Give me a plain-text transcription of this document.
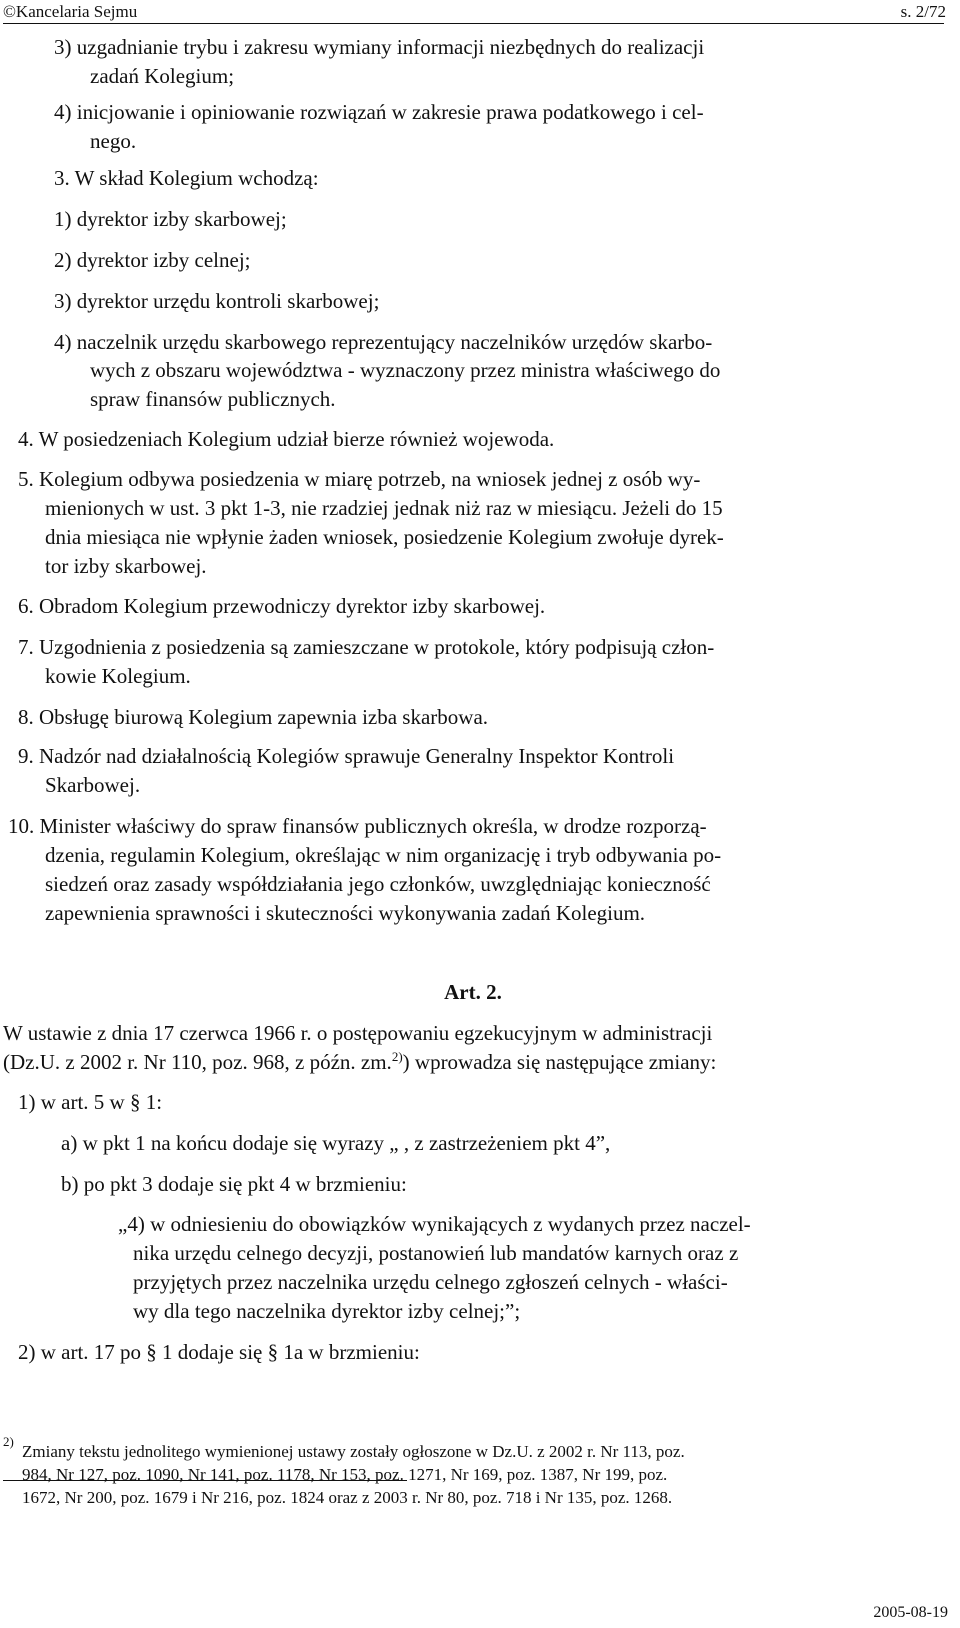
©Kancelaria Sejmu	s. 2/72
3) uzgadnianie trybu i zakresu wymiany informacji niezbędnych do realizacji
zadań Kolegium;
4) inicjowanie i opiniowanie rozwiązań w zakresie prawa podatkowego i cel-
nego.
3. W skład Kolegium wchodzą:
1) dyrektor izby skarbowej;
2) dyrektor izby celnej;
3) dyrektor urzędu kontroli skarbowej;
4) naczelnik urzędu skarbowego reprezentujący naczelników urzędów skarbo-
wych z obszaru województwa - wyznaczony przez ministra właściwego do
spraw finansów publicznych.
4. W posiedzeniach Kolegium udział bierze również wojewoda.
5. Kolegium odbywa posiedzenia w miarę potrzeb, na wniosek jednej z osób wy-
mienionych w ust. 3 pkt 1-3, nie rzadziej jednak niż raz w miesiącu. Jeżeli do 15
dnia miesiąca nie wpłynie żaden wniosek, posiedzenie Kolegium zwołuje dyrek-
tor izby skarbowej.
6. Obradom Kolegium przewodniczy dyrektor izby skarbowej.
7. Uzgodnienia z posiedzenia są zamieszczane w protokole, który podpisują człon-
kowie Kolegium.
8. Obsługę biurową Kolegium zapewnia izba skarbowa.
9. Nadzór nad działalnością Kolegiów sprawuje Generalny Inspektor Kontroli
Skarbowej.
10. Minister właściwy do spraw finansów publicznych określa, w drodze rozporzą-
dzenia, regulamin Kolegium, określając w nim organizację i tryb odbywania po-
siedzeń oraz zasady współdziałania jego członków, uwzględniając konieczność
zapewnienia sprawności i skuteczności wykonywania zadań Kolegium.
Art. 2.
W ustawie z dnia 17 czerwca 1966 r. o postępowaniu egzekucyjnym w administracji
(Dz.U. z 2002 r. Nr 110, poz. 968, z późn. zm.$^{2)}$) wprowadza się następujące zmiany:
1) w art. 5 w § 1:
a) w pkt 1 na końcu dodaje się wyrazy „ , z zastrzeżeniem pkt 4”,
b) po pkt 3 dodaje się pkt 4 w brzmieniu:
„4) w odniesieniu do obowiązków wynikających z wydanych przez naczel-
nika urzędu celnego decyzji, postanowień lub mandatów karnych oraz z
przyjętych przez naczelnika urzędu celnego zgłoszeń celnych - właści-
wy dla tego naczelnika dyrektor izby celnej;”;
2) w art. 17 po § 1 dodaje się § 1a w brzmieniu:
2)
Zmiany tekstu jednolitego wymienionej ustawy zostały ogłoszone w Dz.U. z 2002 r. Nr 113, poz.
984, Nr 127, poz. 1090, Nr 141, poz. 1178, Nr 153, poz. 1271, Nr 169, poz. 1387, Nr 199, poz.
1672, Nr 200, poz. 1679 i Nr 216, poz. 1824 oraz z 2003 r. Nr 80, poz. 718 i Nr 135, poz. 1268.
2005-08-19
